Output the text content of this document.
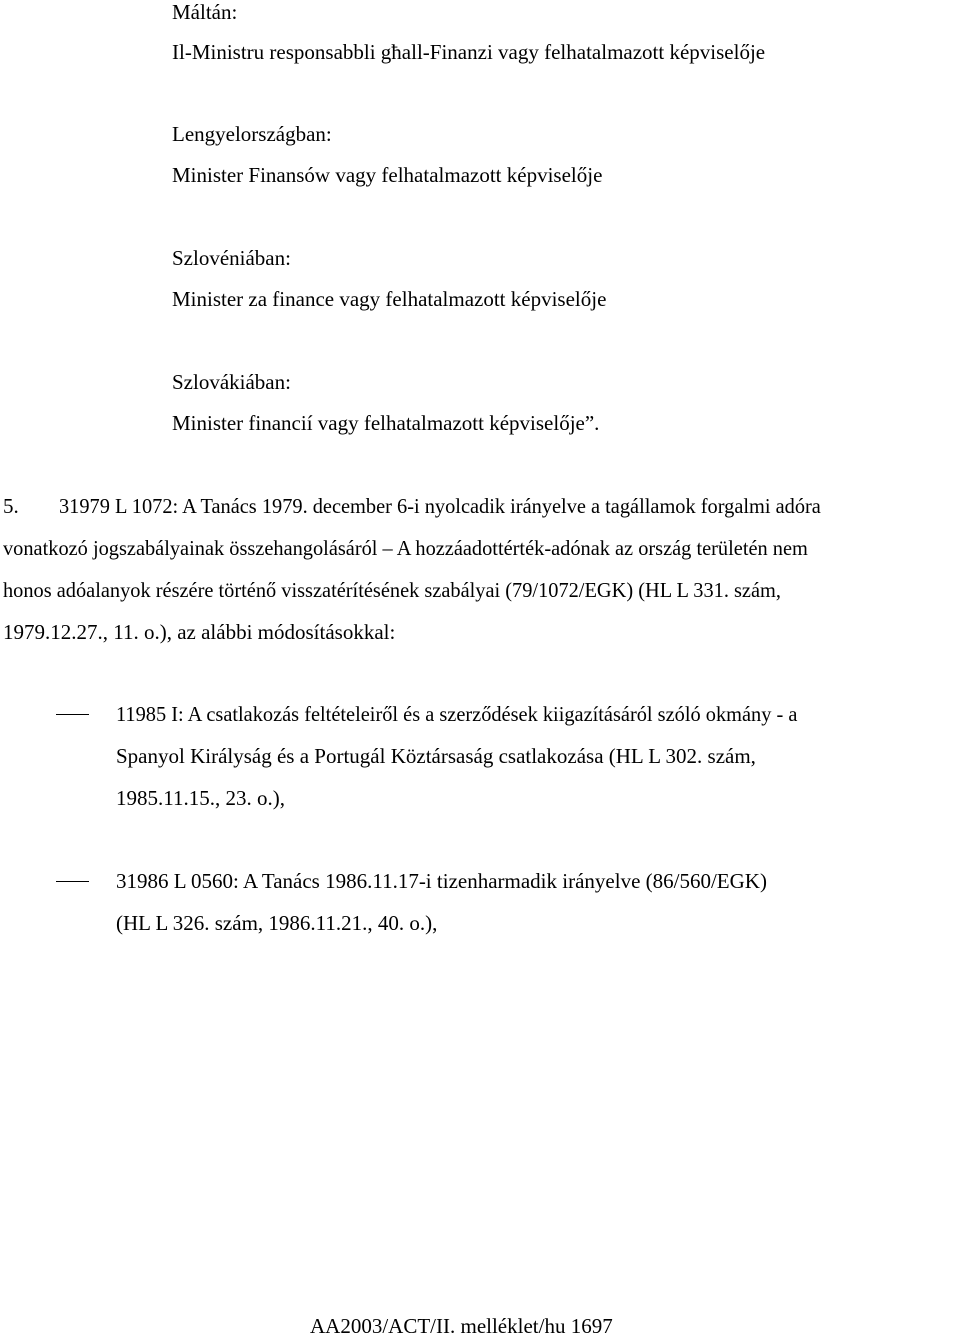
Máltán:
Il-Ministru responsabbli għall-Finanzi vagy felhatalmazott képviselője
Lengyelországban:
Minister Finansów vagy felhatalmazott képviselője
Szlovéniában:
Minister za finance vagy felhatalmazott képviselője
Szlovákiában:
Minister financií vagy felhatalmazott képviselője”.
5. 31979 L 1072: A Tanács 1979. december 6-i nyolcadik irányelve a tagállamok forgalmi adóra
vonatkozó jogszabályainak összehangolásáról – A hozzáadottérték-adónak az ország területén nem
honos adóalanyok részére történő visszatérítésének szabályai (79/1072/EGK) (HL L 331. szám,
1979.12.27., 11. o.), az alábbi módosításokkal:
11985 I: A csatlakozás feltételeiről és a szerződések kiigazításáról szóló okmány - a
Spanyol Királyság és a Portugál Köztársaság csatlakozása (HL L 302. szám,
1985.11.15., 23. o.),
31986 L 0560: A Tanács 1986.11.17-i tizenharmadik irányelve (86/560/EGK)
(HL L 326. szám, 1986.11.21., 40. o.),
AA2003/ACT/II. melléklet/hu 1697
